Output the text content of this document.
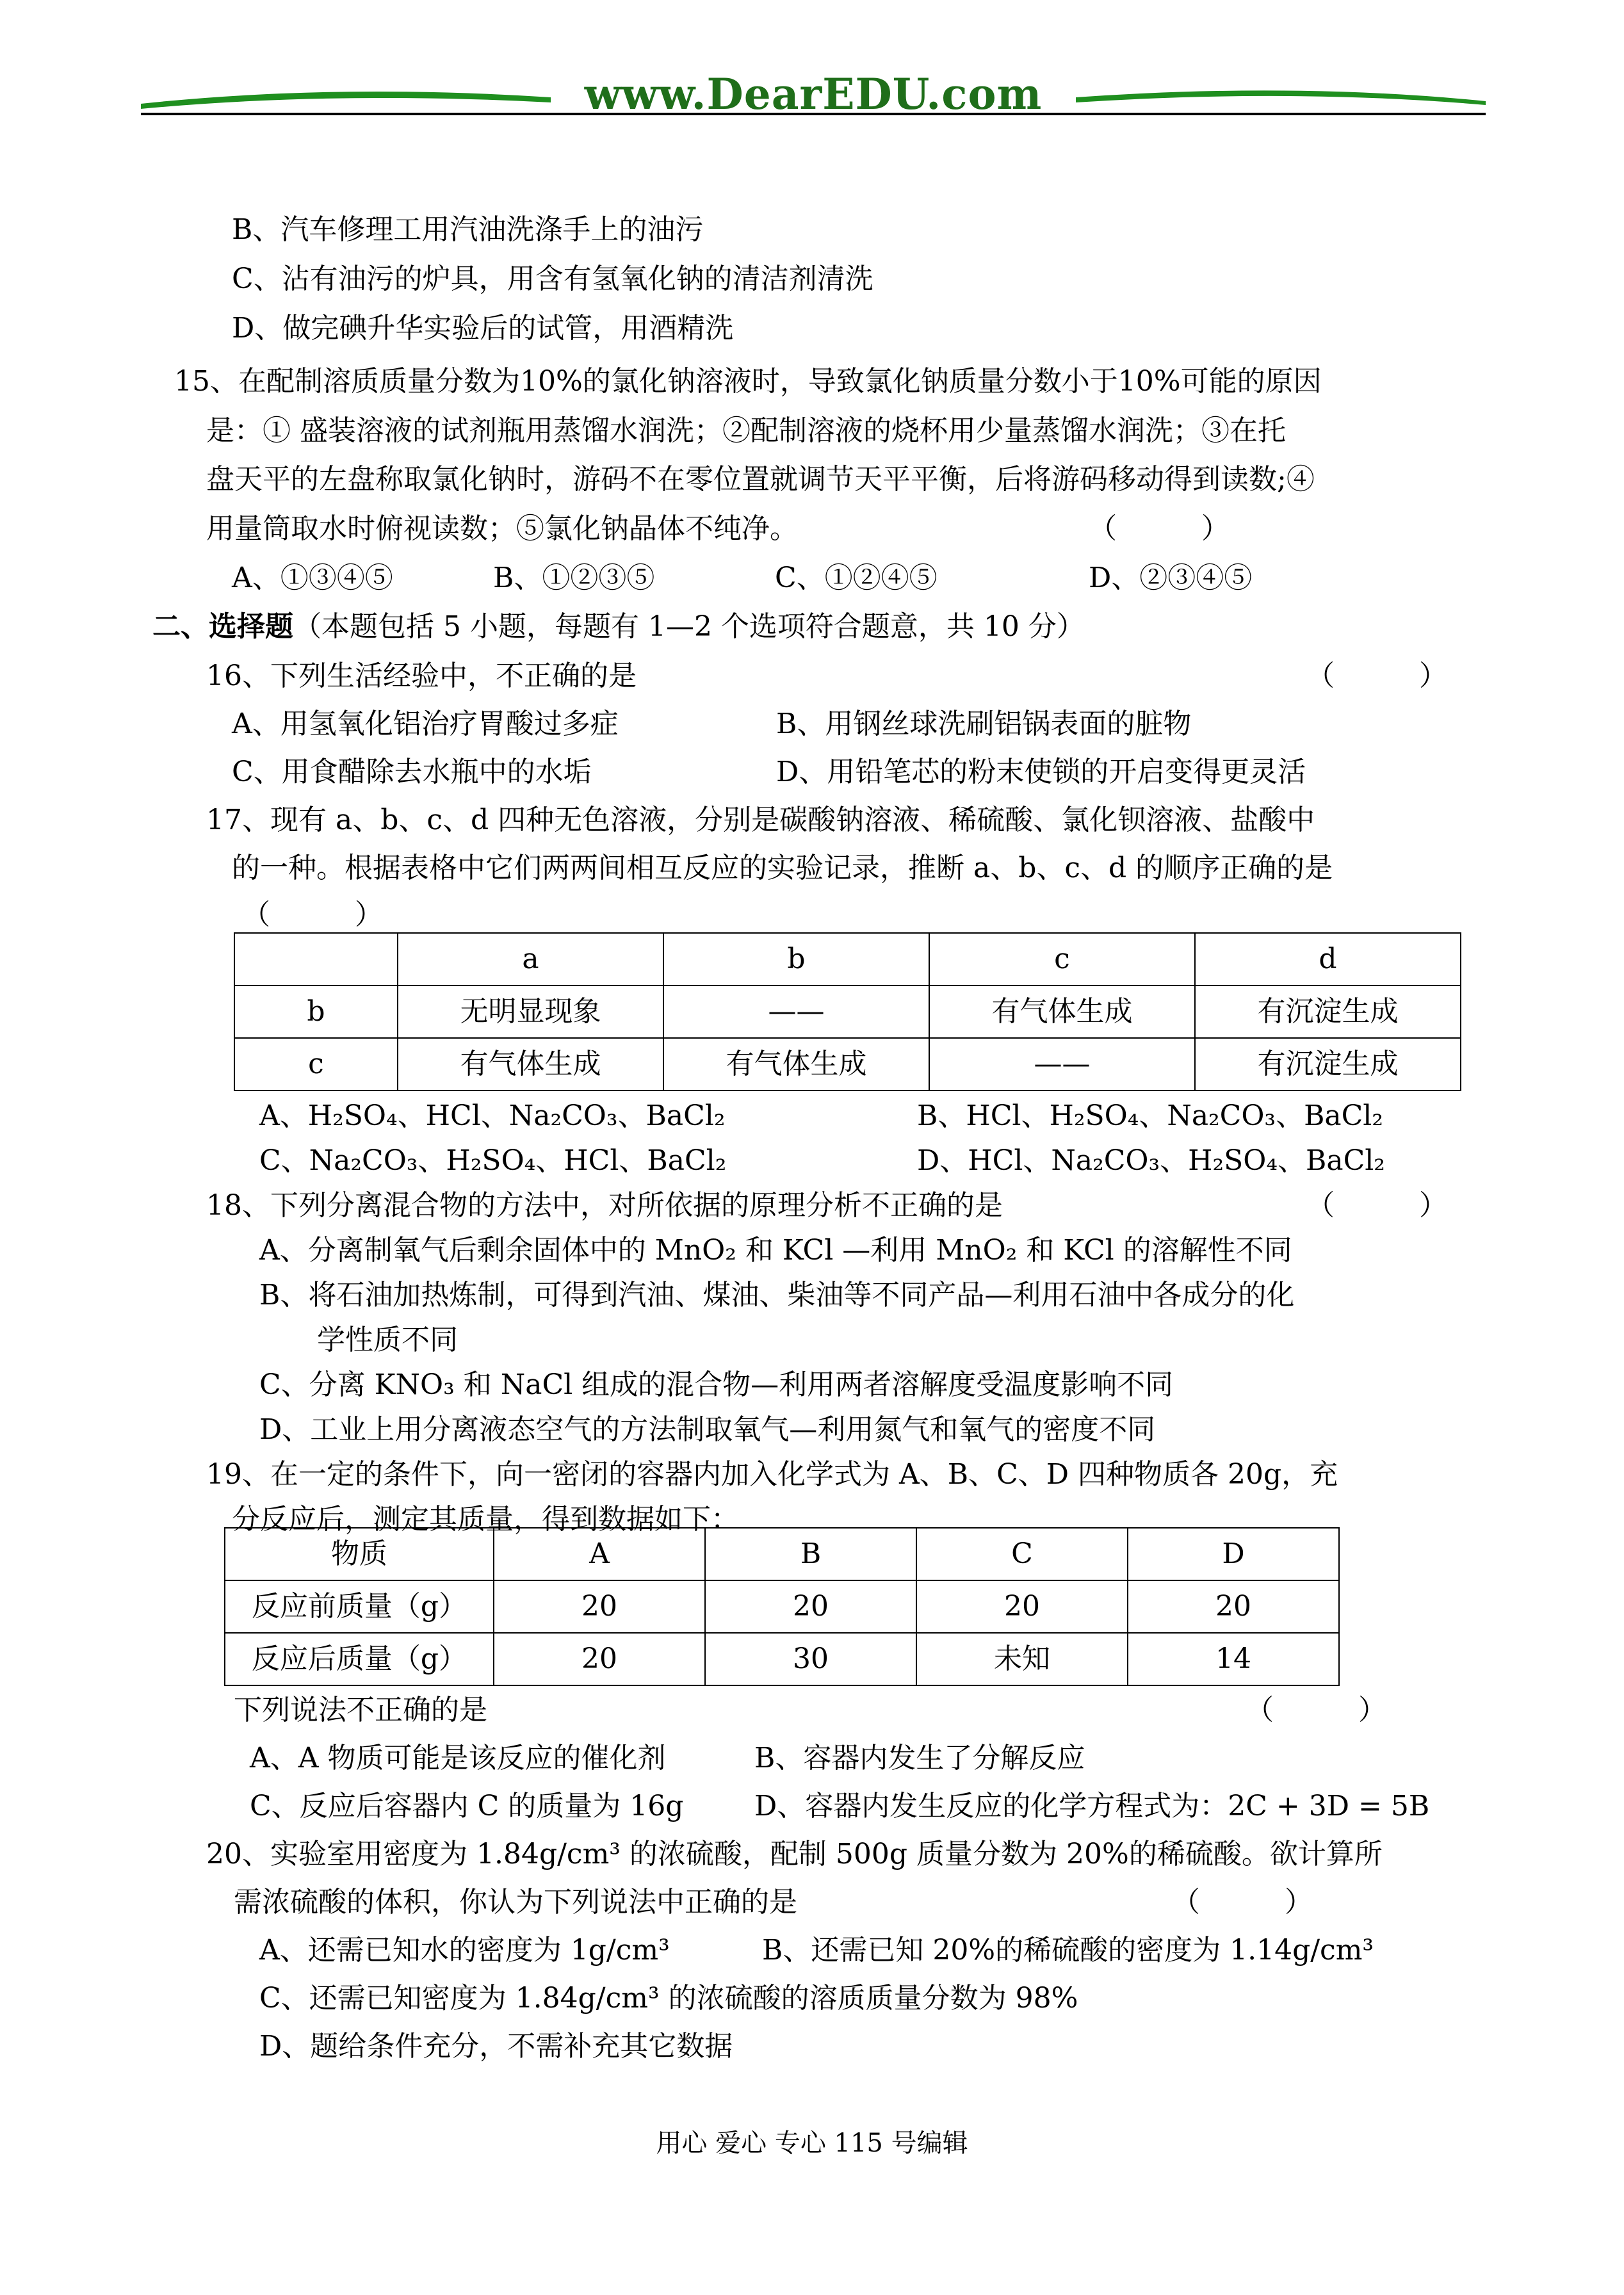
www.DearEDU.com
B、汽车修理工用汽油洗涤手上的油污
C、沾有油污的炉具，用含有氢氧化钠的清洁剂清洗
D、做完碘升华实验后的试管，用酒精洗
15、在配制溶质质量分数为10%的氯化钠溶液时，导致氯化钠质量分数小于10%可能的原因
是：① 盛装溶液的试剂瓶用蒸馏水润洗；②配制溶液的烧杯用少量蒸馏水润洗；③在托
盘天平的左盘称取氯化钠时，游码不在零位置就调节天平平衡，后将游码移动得到读数;④
用量筒取水时俯视读数；⑤氯化钠晶体不纯净。	（　　　）
A、①③④⑤	B、①②③⑤	C、①②④⑤	D、②③④⑤
二、选择题（本题包括 5 小题，每题有 1—2 个选项符合题意，共 10 分）
16、下列生活经验中，不正确的是	（　　　）
A、用氢氧化铝治疗胃酸过多症	B、用钢丝球洗刷铝锅表面的脏物
C、用食醋除去水瓶中的水垢	D、用铅笔芯的粉末使锁的开启变得更灵活
17、现有 a、b、c、d 四种无色溶液，分别是碳酸钠溶液、稀硫酸、氯化钡溶液、盐酸中
的一种。根据表格中它们两两间相互反应的实验记录，推断 a、b、c、d 的顺序正确的是
（　　　）
	a	b	c	d
b	无明显现象	——	有气体生成	有沉淀生成
c	有气体生成	有气体生成	——	有沉淀生成
A、H₂SO₄、HCl、Na₂CO₃、BaCl₂	B、HCl、H₂SO₄、Na₂CO₃、BaCl₂
C、Na₂CO₃、H₂SO₄、HCl、BaCl₂	D、HCl、Na₂CO₃、H₂SO₄、BaCl₂
18、下列分离混合物的方法中，对所依据的原理分析不正确的是	（　　　）
A、分离制氧气后剩余固体中的 MnO₂ 和 KCl —利用 MnO₂ 和 KCl 的溶解性不同
B、将石油加热炼制，可得到汽油、煤油、柴油等不同产品—利用石油中各成分的化
学性质不同
C、分离 KNO₃ 和 NaCl 组成的混合物—利用两者溶解度受温度影响不同
D、工业上用分离液态空气的方法制取氧气—利用氮气和氧气的密度不同
19、在一定的条件下，向一密闭的容器内加入化学式为 A、B、C、D 四种物质各 20g，充
分反应后，测定其质量，得到数据如下：
物质	A	B	C	D
反应前质量（g）	20	20	20	20
反应后质量（g）	20	30	未知	14
下列说法不正确的是	（　　　）
A、A 物质可能是该反应的催化剂	B、容器内发生了分解反应
C、反应后容器内 C 的质量为 16g	D、容器内发生反应的化学方程式为：2C + 3D = 5B
20、实验室用密度为 1.84g/cm³ 的浓硫酸，配制 500g 质量分数为 20%的稀硫酸。欲计算所
需浓硫酸的体积，你认为下列说法中正确的是	（　　　）
A、还需已知水的密度为 1g/cm³	B、还需已知 20%的稀硫酸的密度为 1.14g/cm³
C、还需已知密度为 1.84g/cm³ 的浓硫酸的溶质质量分数为 98%
D、题给条件充分，不需补充其它数据
用心 爱心 专心 115 号编辑
